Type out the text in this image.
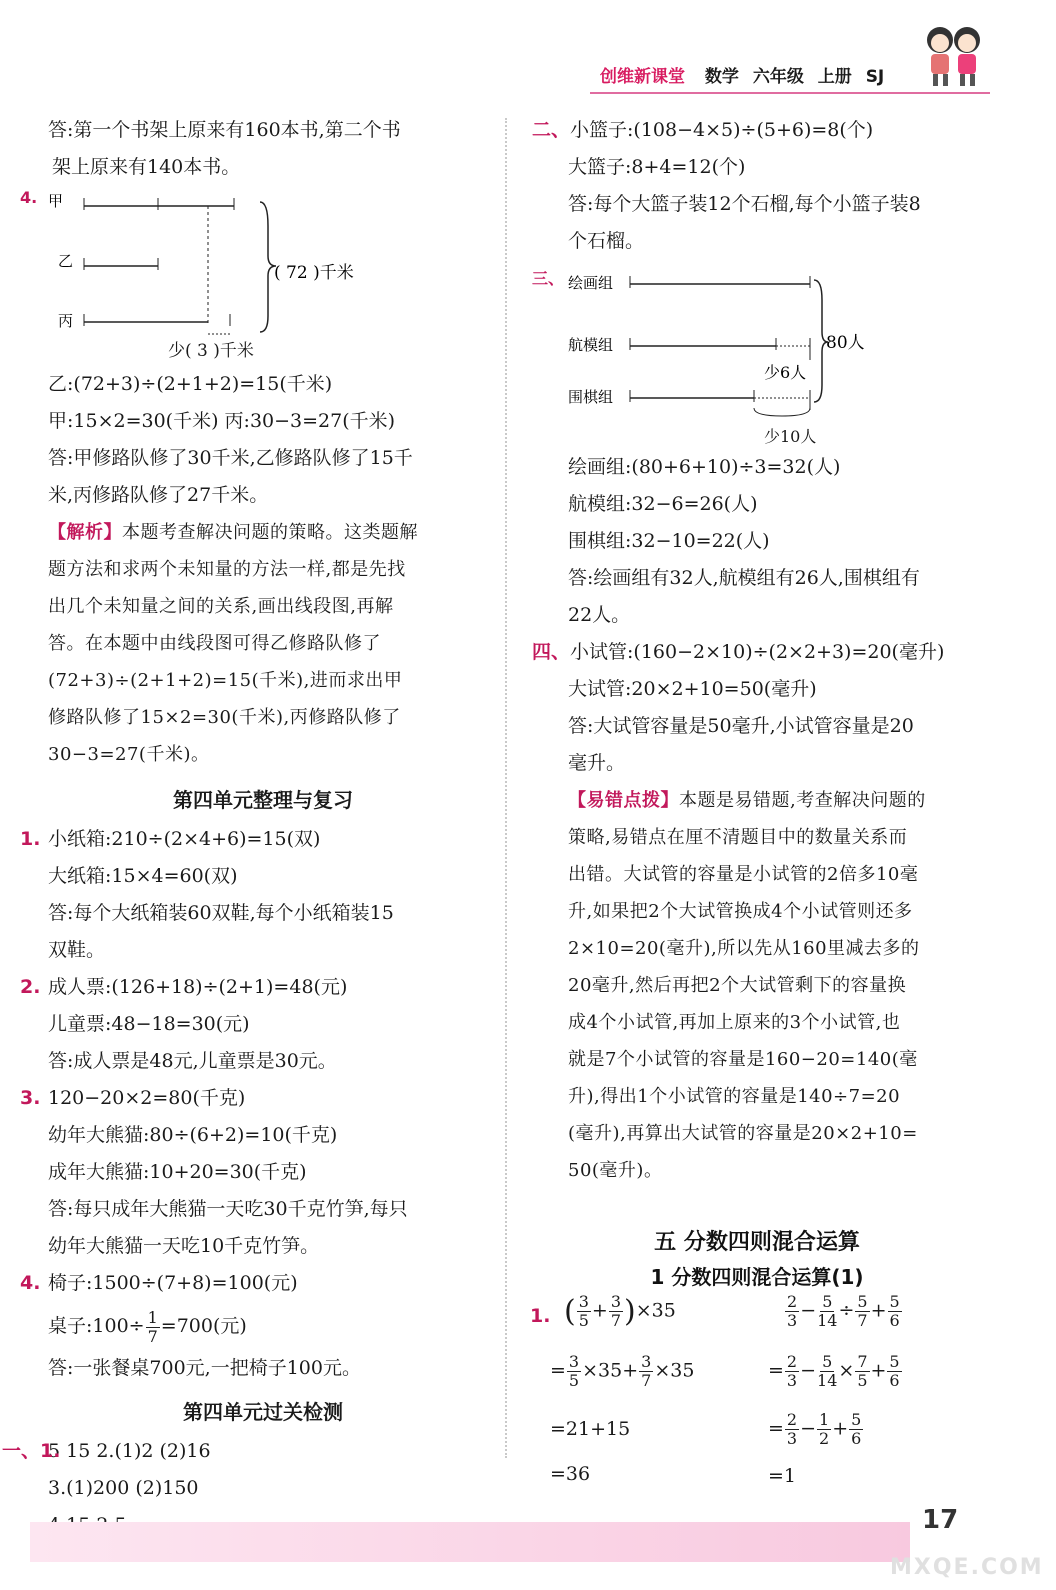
创维新课堂 数学 六年级 上册 SJ
答:第一个书架上原来有160本书,第二个书
架上原来有140本书。
4. 甲
乙
丙
( 72 )千米
少( 3 )千米
乙:(72+3)÷(2+1+2)=15(千米)
甲:15×2=30(千米) 丙:30−3=27(千米)
答:甲修路队修了30千米,乙修路队修了15千
米,丙修路队修了27千米。
【解析】本题考查解决问题的策略。这类题解
题方法和求两个未知量的方法一样,都是先找
出几个未知量之间的关系,画出线段图,再解
答。在本题中由线段图可得乙修路队修了
(72+3)÷(2+1+2)=15(千米),进而求出甲
修路队修了15×2=30(千米),丙修路队修了
30−3=27(千米)。
第四单元整理与复习
1. 小纸箱:210÷(2×4+6)=15(双)
大纸箱:15×4=60(双)
答:每个大纸箱装60双鞋,每个小纸箱装15
双鞋。
2. 成人票:(126+18)÷(2+1)=48(元)
儿童票:48−18=30(元)
答:成人票是48元,儿童票是30元。
3. 120−20×2=80(千克)
幼年大熊猫:80÷(6+2)=10(千克)
成年大熊猫:10+20=30(千克)
答:每只成年大熊猫一天吃30千克竹笋,每只
幼年大熊猫一天吃10千克竹笋。
4. 椅子:1500÷(7+8)=100(元)
桌子:100÷ $\frac{1}{7} =700$(元)
答:一张餐桌700元,一把椅子100元。
第四单元过关检测
一、1.
5 15 2.(1)2 (2)16
3.(1)200 (2)150
二、小篮子:(108−4×5)÷(5+6)=8(个)
大篮子:8+4=12(个)
答:每个大篮子装12个石榴,每个小篮子装8
个石榴。
三、 绘画组
航模组
少6人
围棋组
80人
少10人
绘画组:(80+6+10)÷3=32(人)
航模组:32−6=26(人)
围棋组:32−10=22(人)
答:绘画组有32人,航模组有26人,围棋组有
22人。
四、小试管:(160−2×10)÷(2×2+3)=20(毫升)
大试管:20×2+10=50(毫升)
答:大试管容量是50毫升,小试管容量是20
毫升。
【易错点拨】本题是易错题,考查解决问题的
策略,易错点在厘不清题目中的数量关系而
出错。大试管的容量是小试管的2倍多10毫
升,如果把2个大试管换成4个小试管则还多
2×10=20(毫升),所以先从160里减去多的
20毫升,然后再把2个大试管剩下的容量换
成4个小试管,再加上原来的3个小试管,也
就是7个小试管的容量是160−20=140(毫
升),得出1个小试管的容量是140÷7=20
(毫升),再算出大试管的容量是20×2+10=
50(毫升)。
五 分数四则混合运算
1 分数四则混合运算(1)
1. ( $\frac{3}{5} + \frac{3}{7} )\times 35$
= $\frac{3}{5} \times 35+ \frac{3}{7} \times 35$
=21+15
=36
$\frac{2}{3} - \frac{5}{14} \div \frac{5}{7} + \frac{5}{6}$
= $\frac{2}{3} - \frac{5}{14} \times \frac{7}{5} + \frac{5}{6}$
= $\frac{2}{3} - \frac{1}{2} + \frac{5}{6}$
=1
17
MXQE.COM
